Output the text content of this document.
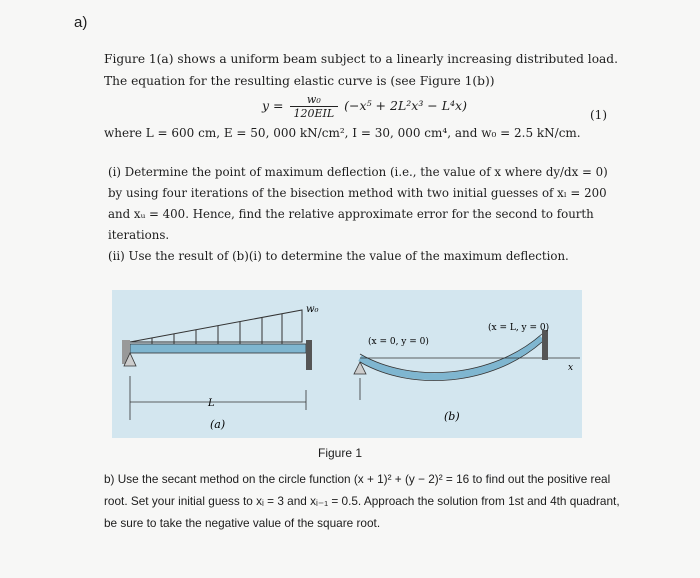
a)
Figure 1(a) shows a uniform beam subject to a linearly increasing distributed load. The equation for the resulting elastic curve is (see Figure 1(b))
$y = \frac{\text{w₀}}{\text{120EIL}} (-x^5 + 2L^2x^3 - L^4x)$
(1)
where L = 600 cm, E = 50, 000 kN/cm², I = 30, 000 cm⁴, and w₀ = 2.5 kN/cm.
(i) Determine the point of maximum deflection (i.e., the value of x where dy/dx = 0) by using four iterations of the bisection method with two initial guesses of xₗ = 200 and xᵤ = 400. Hence, find the relative approximate error for the second to fourth iterations.
(ii) Use the result of (b)(i) to determine the value of the maximum deflection.
w₀
L
(a)
(x = 0, y = 0)
(x = L, y = 0)
x
(b)
Figure 1
b) Use the secant method on the circle function (x + 1)² + (y − 2)² = 16 to find out the positive real root. Set your initial guess to xᵢ = 3 and xᵢ₋₁ = 0.5. Approach the solution from 1st and 4th quadrant, be sure to take the negative value of the square root.
